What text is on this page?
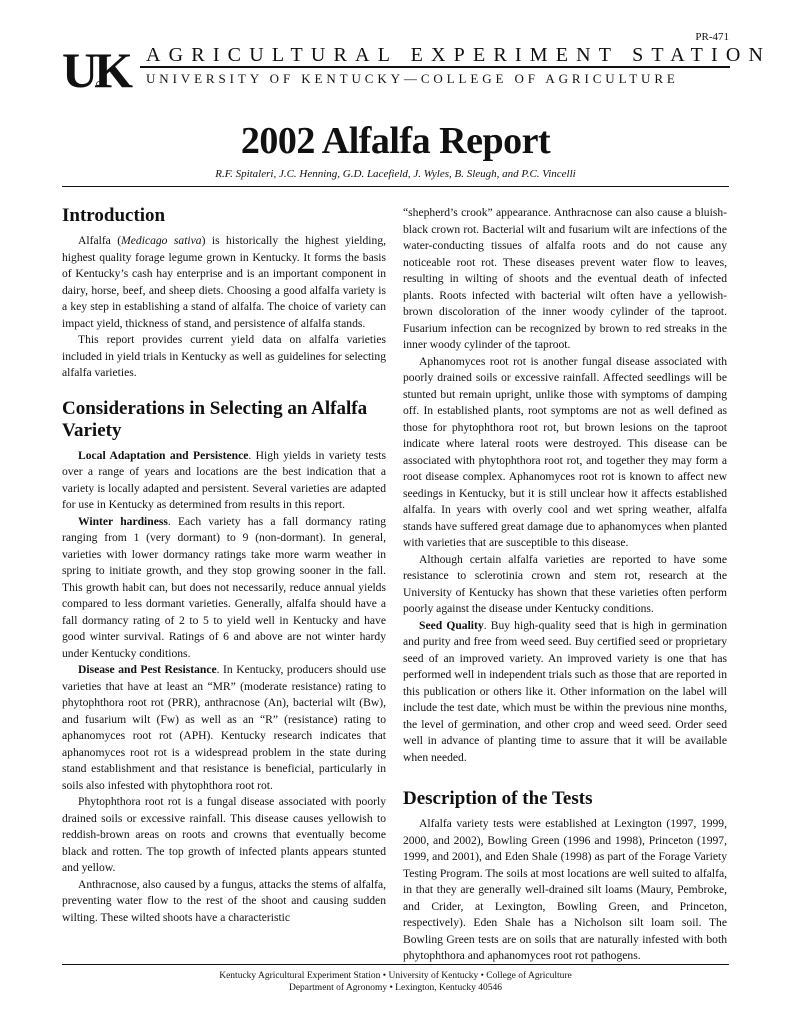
PR-471
UK AGRICULTURAL EXPERIMENT STATION
UNIVERSITY OF KENTUCKY—COLLEGE OF AGRICULTURE
2002 Alfalfa Report
R.F. Spitaleri, J.C. Henning, G.D. Lacefield, J. Wyles, B. Sleugh, and P.C. Vincelli
Introduction

Alfalfa (Medicago sativa) is historically the highest yielding, highest quality forage legume grown in Kentucky. It forms the basis of Kentucky’s cash hay enterprise and is an important component in dairy, horse, beef, and sheep diets. Choosing a good alfalfa variety is a key step in establishing a stand of alfalfa. The choice of variety can impact yield, thickness of stand, and persistence of alfalfa stands.

This report provides current yield data on alfalfa varieties included in yield trials in Kentucky as well as guidelines for selecting alfalfa varieties.

Considerations in Selecting an Alfalfa Variety

Local Adaptation and Persistence. High yields in variety tests over a range of years and locations are the best indication that a variety is locally adapted and persistent. Several varieties are adapted for use in Kentucky as determined from results in this report.

Winter hardiness. Each variety has a fall dormancy rating ranging from 1 (very dormant) to 9 (non-dormant). In general, varieties with lower dormancy ratings take more warm weather in spring to initiate growth, and they stop growing sooner in the fall. This growth habit can, but does not necessarily, reduce annual yields compared to less dormant varieties. Generally, alfalfa should have a fall dormancy rating of 2 to 5 to yield well in Kentucky and have good winter survival. Ratings of 6 and above are not winter hardy under Kentucky conditions.

Disease and Pest Resistance. In Kentucky, producers should use varieties that have at least an “MR” (moderate resistance) rating to phytophthora root rot (PRR), anthracnose (An), bacterial wilt (Bw), and fusarium wilt (Fw) as well as an “R” (resistance) rating to aphanomyces root rot (APH). Kentucky research indicates that aphanomyces root rot is a widespread problem in the state during stand establishment and that resistance is beneficial, particularly in soils also infested with phytophthora root rot.

Phytophthora root rot is a fungal disease associated with poorly drained soils or excessive rainfall. This disease causes yellowish to reddish-brown areas on roots and crowns that eventually become black and rotten. The top growth of infected plants appears stunted and yellow.

Anthracnose, also caused by a fungus, attacks the stems of alfalfa, preventing water flow to the rest of the shoot and causing sudden wilting. These wilted shoots have a characteristic

“shepherd’s crook” appearance. Anthracnose can also cause a bluish-black crown rot. Bacterial wilt and fusarium wilt are infections of the water-conducting tissues of alfalfa roots and do not cause any noticeable root rot. These diseases prevent water flow to leaves, resulting in wilting of shoots and the eventual death of infected plants. Roots infected with bacterial wilt often have a yellowish-brown discoloration of the inner woody cylinder of the taproot. Fusarium infection can be recognized by brown to red streaks in the inner woody cylinder of the taproot.

Aphanomyces root rot is another fungal disease associated with poorly drained soils or excessive rainfall. Affected seedlings will be stunted but remain upright, unlike those with symptoms of damping off. In established plants, root symptoms are not as well defined as those for phytophthora root rot, but brown lesions on the taproot indicate where lateral roots were destroyed. This disease can be associated with phytophthora root rot, and together they may form a root disease complex. Aphanomyces root rot is known to affect new seedings in Kentucky, but it is still unclear how it affects established alfalfa. In years with overly cool and wet spring weather, alfalfa stands have suffered great damage due to aphanomyces when planted with varieties that are susceptible to this disease.

Although certain alfalfa varieties are reported to have some resistance to sclerotinia crown and stem rot, research at the University of Kentucky has shown that these varieties often perform poorly against the disease under Kentucky conditions.

Seed Quality. Buy high-quality seed that is high in germination and purity and free from weed seed. Buy certified seed or proprietary seed of an improved variety. An improved variety is one that has performed well in independent trials such as those that are reported in this publication or others like it. Other information on the label will include the test date, which must be within the previous nine months, the level of germination, and other crop and weed seed. Order seed well in advance of planting time to assure that it will be available when needed.

Description of the Tests

Alfalfa variety tests were established at Lexington (1997, 1999, 2000, and 2002), Bowling Green (1996 and 1998), Princeton (1997, 1999, and 2001), and Eden Shale (1998) as part of the Forage Variety Testing Program. The soils at most locations are well suited to alfalfa, in that they are generally well-drained silt loams (Maury, Pembroke, and Crider, at Lexington, Bowling Green, and Princeton, respectively). Eden Shale has a Nicholson silt loam soil. The Bowling Green tests are on soils that are naturally infested with both phytophthora and aphanomyces root rot pathogens.

Kentucky Agricultural Experiment Station • University of Kentucky • College of Agriculture
Department of Agronomy • Lexington, Kentucky 40546
